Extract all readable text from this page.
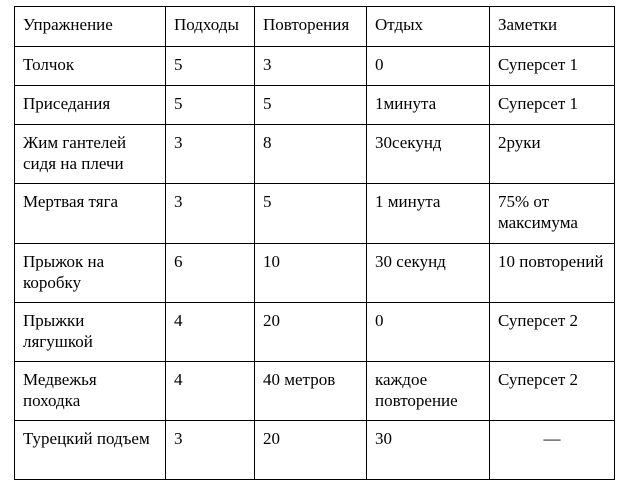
Упражнение	Подходы	Повторения	Отдых	Заметки
Толчок	5	3	0	Суперсет 1
Приседания	5	5	1минута	Суперсет 1
Жим гантелей сидя на плечи	3	8	30секунд	2руки
Мертвая тяга	3	5	1 минута	75% от максимума
Прыжок на коробку	6	10	30 секунд	10 повторений
Прыжки лягушкой	4	20	0	Суперсет 2
Медвежья походка	4	40 метров	каждое повторение	Суперсет 2
Турецкий подъем	3	20	30	—
